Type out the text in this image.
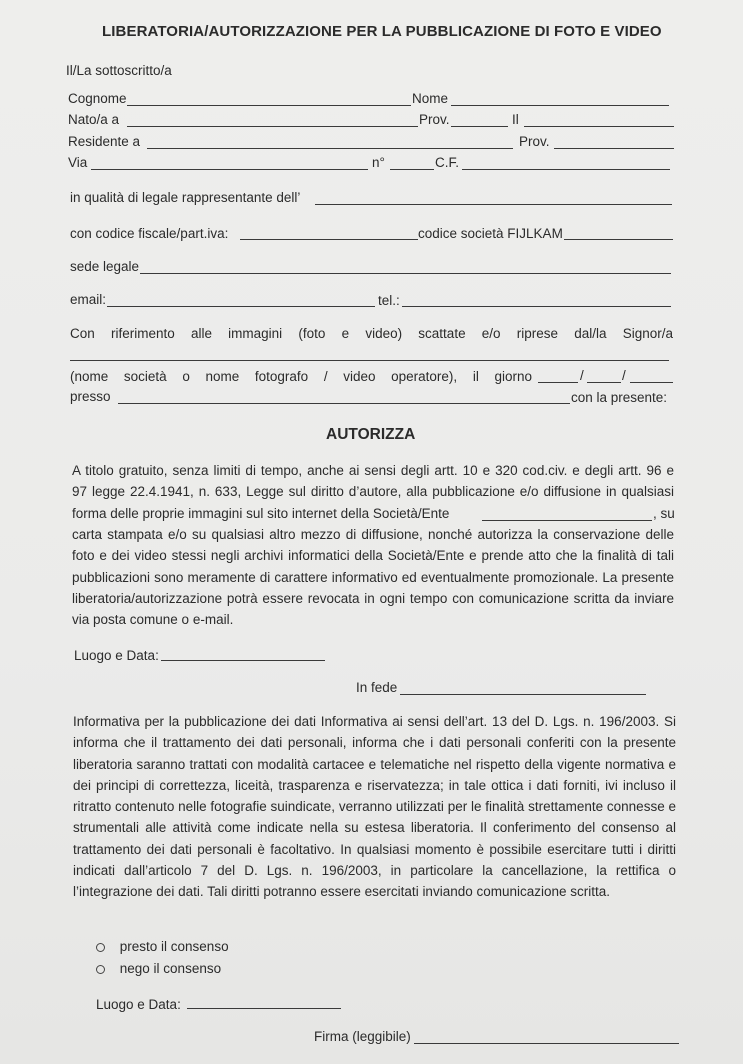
LIBERATORIA/AUTORIZZAZIONE PER LA PUBBLICAZIONE DI FOTO E VIDEO
Il/La sottoscritto/a
Cognome	Nome
Nato/a a	Prov.	Il
Residente a	Prov.
Via	n°	C.F.
in qualità di legale rappresentante dell’
con codice fiscale/part.iva:	codice società FIJLKAM
sede legale
email:	tel.:
Con riferimento alle immagini (foto e video) scattate e/o riprese dal/la Signor/a
(nome società o nome fotografo / video operatore), il giorno	/	/
presso	con la presente:
AUTORIZZA
A titolo gratuito, senza limiti di tempo, anche ai sensi degli artt. 10 e 320 cod.civ. e degli artt. 96 e
97 legge 22.4.1941, n. 633, Legge sul diritto d’autore, alla pubblicazione e/o diffusione in qualsiasi
forma delle proprie immagini sul sito internet della Società/Ente	, su
carta stampata e/o su qualsiasi altro mezzo di diffusione, nonché autorizza la conservazione delle foto e dei video stessi negli archivi informatici della Società/Ente e prende atto che la finalità di tali pubblicazioni sono meramente di carattere informativo ed eventualmente promozionale. La presente liberatoria/autorizzazione potrà essere revocata in ogni tempo con comunicazione scritta da inviare via posta comune o e-mail.
Luogo e Data:
In fede
Informativa per la pubblicazione dei dati Informativa ai sensi dell’art. 13 del D. Lgs. n. 196/2003. Si informa che il trattamento dei dati personali, informa che i dati personali conferiti con la presente liberatoria saranno trattati con modalità cartacee e telematiche nel rispetto della vigente normativa e dei principi di correttezza, liceità, trasparenza e riservatezza; in tale ottica i dati forniti, ivi incluso il ritratto contenuto nelle fotografie suindicate, verranno utilizzati per le finalità strettamente connesse e strumentali alle attività come indicate nella su estesa liberatoria. Il conferimento del consenso al trattamento dei dati personali è facoltativo. In qualsiasi momento è possibile esercitare tutti i diritti indicati dall’articolo 7 del D. Lgs. n. 196/2003, in particolare la cancellazione, la rettifica o l’integrazione dei dati. Tali diritti potranno essere esercitati inviando comunicazione scritta.
presto il consenso
nego il consenso
Luogo e Data:
Firma (leggibile)
